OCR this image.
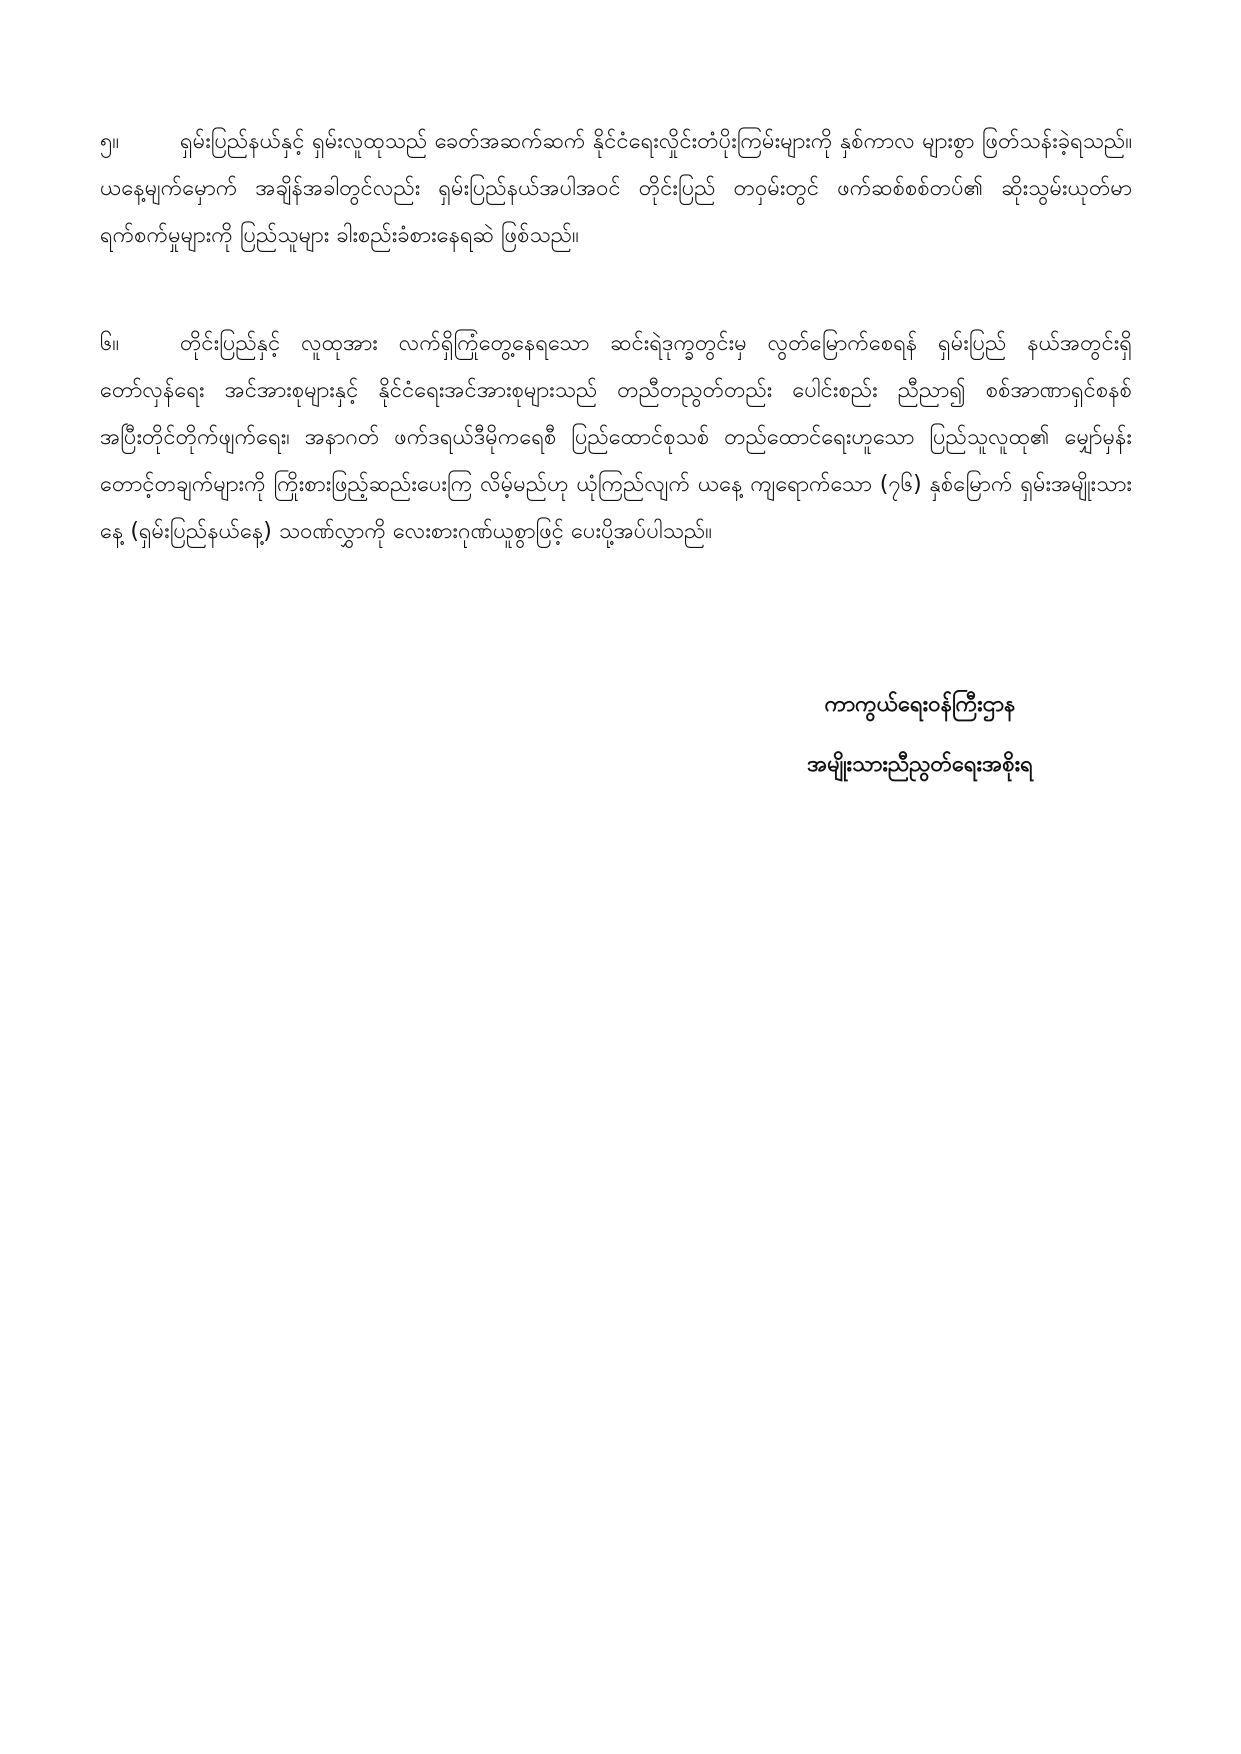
၅။	ရှမ်းပြည်နယ်နှင့် ရှမ်းလူထုသည် ခေတ်အဆက်ဆက် နိုင်ငံရေးလှိုင်းတံပိုးကြမ်းများကို နှစ်ကာလ များစွာ ဖြတ်သန်းခဲ့ရသည်။ ယနေ့မျက်မှောက် အချိန်အခါတွင်လည်း ရှမ်းပြည်နယ်အပါအဝင် တိုင်းပြည် တဝှမ်းတွင် ဖက်ဆစ်စစ်တပ်၏ ဆိုးသွမ်းယုတ်မာ ရက်စက်မှုများကို ပြည်သူများ ခါးစည်းခံစားနေရဆဲ ဖြစ်သည်။

၆။	တိုင်းပြည်နှင့် လူထုအား လက်ရှိကြုံတွေ့နေရသော ဆင်းရဲဒုက္ခတွင်းမှ လွတ်မြောက်စေရန် ရှမ်းပြည် နယ်အတွင်းရှိ တော်လှန်ရေး အင်အားစုများနှင့် နိုင်ငံရေးအင်အားစုများသည် တညီတညွတ်တည်း ပေါင်းစည်း ညီညာ၍ စစ်အာဏာရှင်စနစ် အပြီးတိုင်တိုက်ဖျက်ရေး၊ အနာဂတ် ဖက်ဒရယ်ဒီမိုကရေစီ ပြည်ထောင်စုသစ် တည်ထောင်ရေးဟူသော ပြည်သူလူထု၏ မျှော်မှန်းတောင့်တချက်များကို ကြိုးစားဖြည့်ဆည်းပေးကြ လိမ့်မည်ဟု ယုံကြည်လျက် ယနေ့ ကျရောက်သော (၇၆) နှစ်မြောက် ရှမ်းအမျိုးသားနေ့ (ရှမ်းပြည်နယ်နေ့) သဝဏ်လွှာကို လေးစားဂုဏ်ယူစွာဖြင့် ပေးပို့အပ်ပါသည်။

ကာကွယ်ရေးဝန်ကြီးဌာန
အမျိုးသားညီညွတ်ရေးအစိုးရ
